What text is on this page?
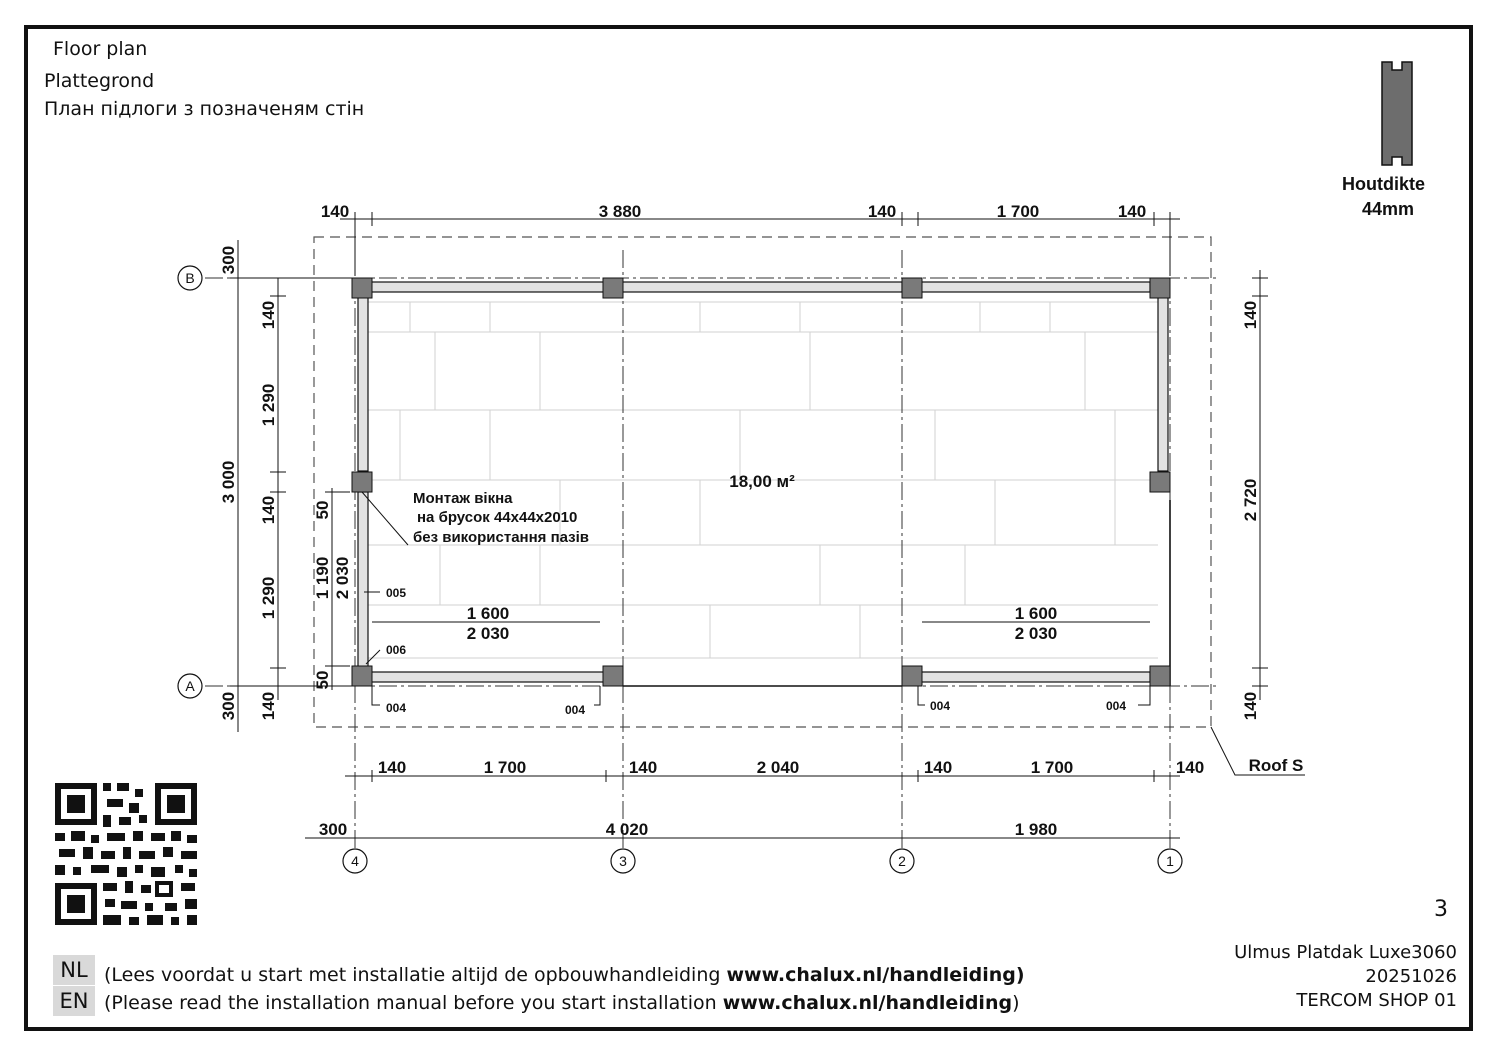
Floor plan
Plattegrond
План підлоги з позначеням стін
B
A
4	3	2	1
140	3 880	140	1 700	140
140	1 700	140	2 040	140	1 700	140
300	4 020	1 980
1 600
2 030
1 600
2 030
18,00 м²
Roof S
300
3 000
300
140
1 290
140
1 290
140
50
1 190 2 030
50
140
2 720
140
Монтаж вікна
на брусок 44х44х2010
без використання пазів
005
006
004	004	004	004
Houtdikte
44mm
3
Ulmus Platdak Luxe3060
20251026
TERCOM SHOP 01
NL (Lees voordat u start met installatie altijd de opbouwhandleiding www.chalux.nl/handleiding)
EN (Please read the installation manual before you start installation www.chalux.nl/handleiding)
